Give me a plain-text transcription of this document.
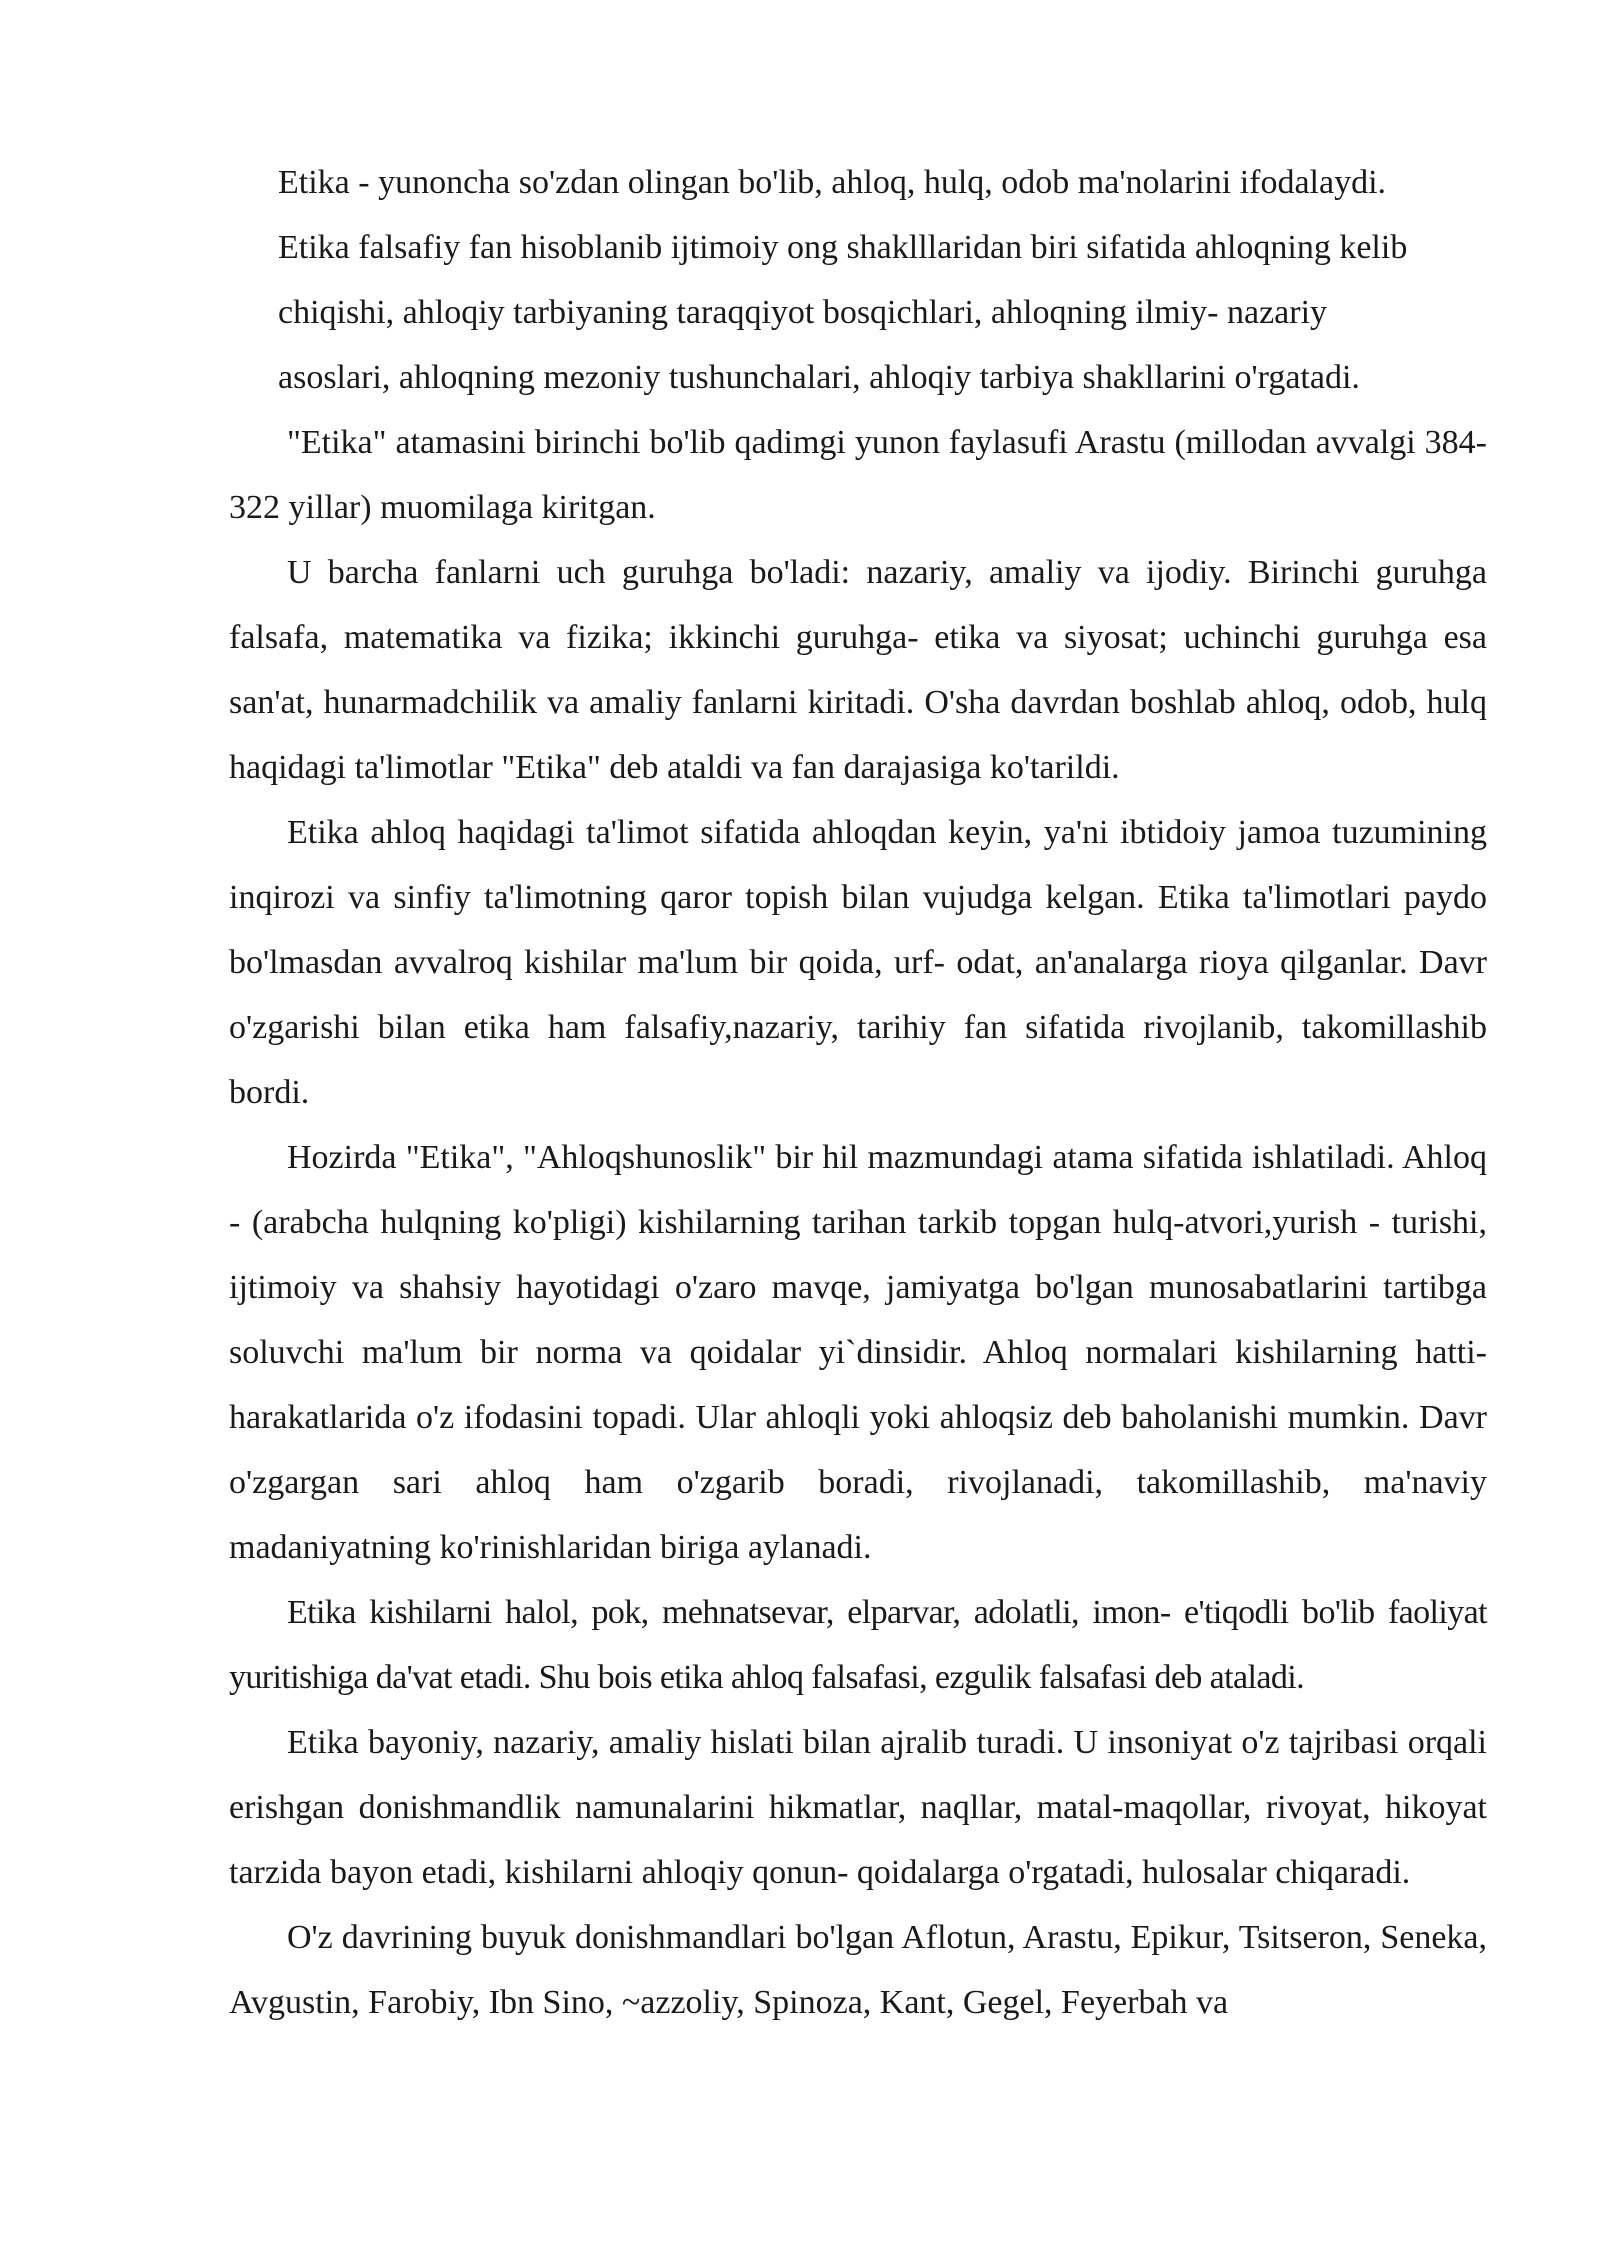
Etika - yunoncha so'zdan olingan bo'lib, ahloq, hulq, odob ma'nolarini ifodalaydi.
Etika falsafiy fan hisoblanib ijtimoiy ong shaklllaridan biri sifatida ahloqning kelib
chiqishi, ahloqiy tarbiyaning taraqqiyot bosqichlari, ahloqning ilmiy- nazariy
asoslari, ahloqning mezoniy tushunchalari, ahloqiy tarbiya shakllarini o'rgatadi.

"Etika" atamasini birinchi bo'lib qadimgi yunon faylasufi Arastu (millodan avvalgi 384-322 yillar) muomilaga kiritgan.

U barcha fanlarni uch guruhga bo'ladi: nazariy, amaliy va ijodiy. Birinchi guruhga falsafa, matematika va fizika; ikkinchi guruhga- etika va siyosat; uchinchi guruhga esa san'at, hunarmadchilik va amaliy fanlarni kiritadi. O'sha davrdan boshlab ahloq, odob, hulq haqidagi ta'limotlar "Etika" deb ataldi va fan darajasiga ko'tarildi.

Etika ahloq haqidagi ta'limot sifatida ahloqdan keyin, ya'ni ibtidoiy jamoa tuzumining inqirozi va sinfiy ta'limotning qaror topish bilan vujudga kelgan. Etika ta'limotlari paydo bo'lmasdan avvalroq kishilar ma'lum bir qoida, urf- odat, an'analarga rioya qilganlar. Davr o'zgarishi bilan etika ham falsafiy,nazariy, tarihiy fan sifatida rivojlanib, takomillashib bordi.

Hozirda "Etika", "Ahloqshunoslik" bir hil mazmundagi atama sifatida ishlatiladi. Ahloq - (arabcha hulqning ko'pligi) kishilarning tarihan tarkib topgan hulq-atvori,yurish - turishi, ijtimoiy va shahsiy hayotidagi o'zaro mavqe, jamiyatga bo'lgan munosabatlarini tartibga soluvchi ma'lum bir norma va qoidalar yi`dinsidir. Ahloq normalari kishilarning hatti- harakatlarida o'z ifodasini topadi. Ular ahloqli yoki ahloqsiz deb baholanishi mumkin. Davr o'zgargan sari ahloq ham o'zgarib boradi, rivojlanadi, takomillashib, ma'naviy madaniyatning ko'rinishlaridan biriga aylanadi.

Etika kishilarni halol, pok, mehnatsevar, elparvar, adolatli, imon- e'tiqodli bo'lib faoliyat yuritishiga da'vat etadi. Shu bois etika ahloq falsafasi, ezgulik falsafasi deb ataladi.

Etika bayoniy, nazariy, amaliy hislati bilan ajralib turadi. U insoniyat o'z tajribasi orqali erishgan donishmandlik namunalarini hikmatlar, naqllar, matal-maqollar, rivoyat, hikoyat tarzida bayon etadi, kishilarni ahloqiy qonun- qoidalarga o'rgatadi, hulosalar chiqaradi.

O'z davrining buyuk donishmandlari bo'lgan Aflotun, Arastu, Epikur, Tsitseron, Seneka, Avgustin, Farobiy, Ibn Sino, ~azzoliy, Spinoza, Kant, Gegel, Feyerbah va
